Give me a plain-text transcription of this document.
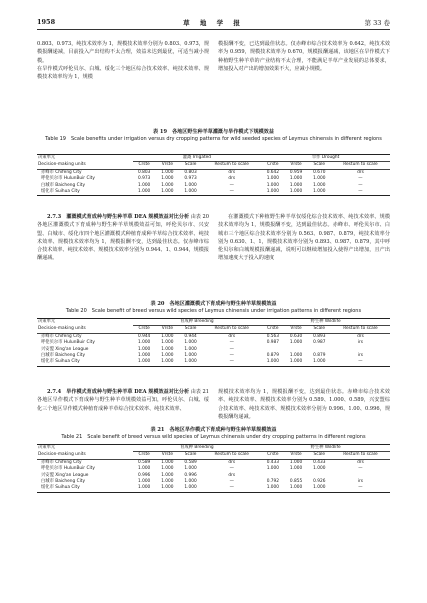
1958	草 地 学 报	第 33 卷
0.803、0.973，纯技术效率为 1，规模技术效率分别为 0.803、0.973，规模报酬递减，目前投入产出结构不太合理，效益未达到最优，可适当减小规模。
在旱作模式呼伦贝尔、白城、绥化三个地区综合技术效率、纯技术效率、规模技术效率均为 1，规模
模报酬不变，已达到最佳状态。仅赤峰市综合技术效率为 0.642，纯技术效率为 0.959，规模技术效率为 0.670，规模报酬递减，该地区在旱作模式下种植野生种羊草的产业结构不太合理，不能满足羊草产业发展的总体要求，增加投入对产出的增加效果不大，应减小规模。
表 19　各地区野生种羊草灌溉与旱作模式下规模效益
Table 19　Scale benefits under irrigation versus dry cropping patterns for wild seeded species of Leymus chinensis in different regions
决策单元	灌溉 Irrigated				旱作 Drought			
Decision-making units	Crste	Vrste	Scale	Restum to scale	Crste	Vrste	Scale	Restum to scale
赤峰市 Chifeng City	0.803	1.000	0.803	drs	0.642	0.959	0.670	drs
呼伦贝尔市 HulunBuir City	0.973	1.000	0.973	drs	1.000	1.000	1.000	—
白城市 Baicheng City	1.000	1.000	1.000	—	1.000	1.000	1.000	—
绥化市 Suihua City	1.000	1.000	1.000	—	1.000	1.000	1.000	—

2.7.3　灌溉模式育成种与野生种羊草 DEA 规模效益对比分析 由表 20 各地区灌溉模式下育成种与野生种羊草规模效益可知，呼伦贝尔市、兴安盟、白城市、绥化市四个地区灌溉模式种植育成种羊草综合技术效率、纯技术效率、规模技术效率均为 1，规模报酬不变，达到最佳状态。仅赤峰市综合技术效率、纯技术效率、规模技术效率分别为 0.944、1、0.944，规模报酬递减。

在灌溉模式下种植野生种羊草仅绥化综合技术效率、纯技术效率、规模技术效率均为 1，规模报酬不变，达到最佳状态。赤峰市、呼伦贝尔市、白城市三个地区综合技术效率分别为 0.563、0.987、0.879，纯技术效率分别为 0.630、1、1，规模技术效率分别为 0.893、0.987、0.879，其中呼伦贝尔和白城规模报酬递减，说明可以继续增加投入使得产出增加，且产出增加速度大于投入的速度

表 20　各地区灌溉模式下育成种与野生种羊草规模效益
Table 20　Scale benefit of breed versus wild species of Leymus chinensis under irrigation patterns in different regions
决策单元	育成种 Breeding				野生种 Wildlife			
Decision-making units	Crste	Vrste	Scale	Restum to scale	Crste	Vrste	Scale	Restum to scale
赤峰市 Chifeng City	0.944	1.000	0.944	drs	0.563	0.630	0.893	drs
呼伦贝尔市 HulunBuir City	1.000	1.000	1.000	—	0.987	1.000	0.987	irs
兴安盟 Xing'an League	1.000	1.000	1.000	—				
白城市 Baicheng City	1.000	1.000	1.000	—	0.879	1.000	0.879	irs
绥化市 Suihua City	1.000	1.000	1.000	—	1.000	1.000	1.000	—

2.7.4　旱作模式育成种与野生种羊草 DEA 规模效益对比分析 由表 21 各地区旱作模式下育成种与野生种羊草规模效益可知，呼伦贝尔、白城、绥化三个地区旱作模式种植育成种羊草综合技术效率、纯技术效率、

规模技术效率均为 1，规模报酬不变，达到最佳状态。赤峰市综合技术效率、纯技术效率、规模技术效率分别为 0.589、1.000、0.589，兴安盟综合技术效率、纯技术效率、规模技术效率分别为 0.996、1.00、0.996，规模报酬均递减。

表 21　各地区旱作模式下育成种与野生种羊草规模效益
Table 21　Scale benefit of breed versus wild species of Leymus chinensis under dry cropping patterns in different regions
决策单元	育成种 Breeding				野生种 Wildlife			
Decision-making units	Crste	Vrste	Scale	Restum to scale	Crste	Vrste	Scale	Restum to scale
赤峰市 Chifeng City	0.589	1.000	0.589	drs	0.433	1.000	0.433	drs
呼伦贝尔市 HulunBuir City	1.000	1.000	1.000	—	1.000	1.000	1.000	—
兴安盟 Xing'an League	0.996	1.000	0.996	drs				
白城市 Baicheng City	1.000	1.000	1.000	—	0.792	0.855	0.926	irs
绥化市 Suihua City	1.000	1.000	1.000	—	1.000	1.000	1.000	—
